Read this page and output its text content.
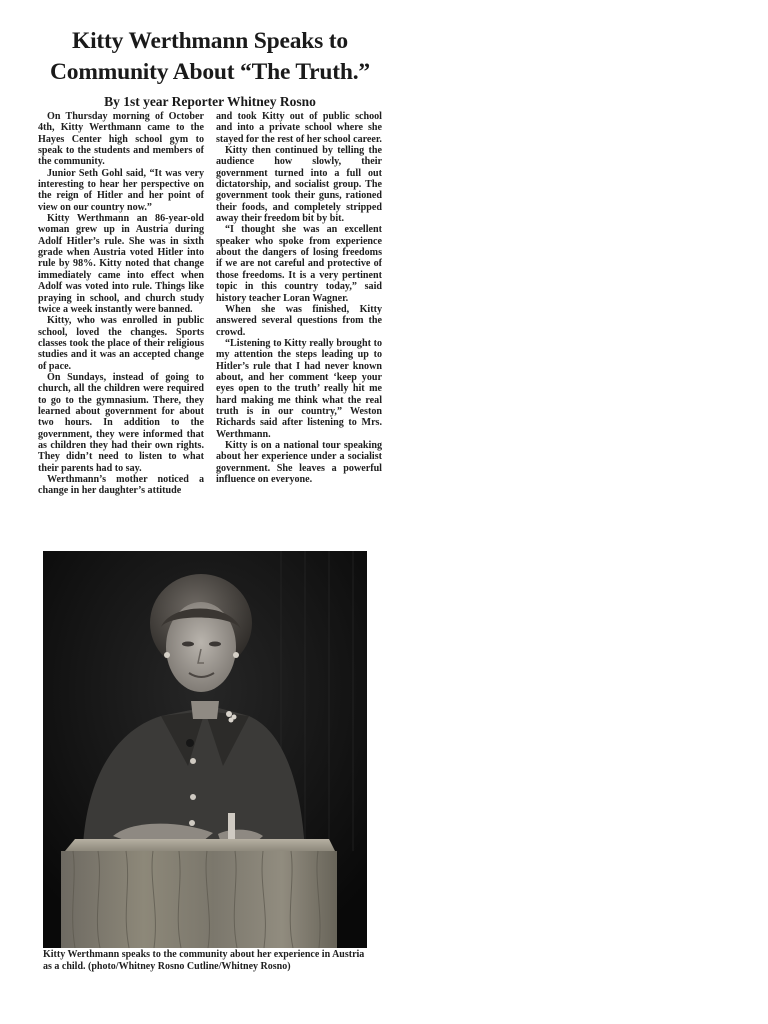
Kitty Werthmann Speaks to
Community About “The Truth.”
By 1st year Reporter Whitney Rosno

On Thursday morning of October 4th, Kitty Werthmann came to the Hayes Center high school gym to speak to the students and members of the community.

Junior Seth Gohl said, “It was very interesting to hear her perspective on the reign of Hitler and her point of view on our country now.”

Kitty Werthmann an 86-year-old woman grew up in Austria during Adolf Hitler’s rule. She was in sixth grade when Austria voted Hitler into rule by 98%. Kitty noted that change immediately came into effect when Adolf was voted into rule. Things like praying in school, and church study twice a week instantly were banned.

Kitty, who was enrolled in public school, loved the changes. Sports classes took the place of their religious studies and it was an accepted change of pace.

On Sundays, instead of going to church, all the children were required to go to the gymnasium. There, they learned about government for about two hours. In addition to the government, they were informed that as children they had their own rights. They didn’t need to listen to what their parents had to say.

Werthmann’s mother noticed a change in her daughter’s attitude

and took Kitty out of public school and into a private school where she stayed for the rest of her school career.

Kitty then continued by telling the audience how slowly, their government turned into a full out dictatorship, and socialist group. The government took their guns, rationed their foods, and completely stripped away their freedom bit by bit.

“I thought she was an excellent speaker who spoke from experience about the dangers of losing freedoms if we are not careful and protective of those freedoms. It is a very pertinent topic in this country today,” said history teacher Loran Wagner.

When she was finished, Kitty answered several questions from the crowd.

“Listening to Kitty really brought to my attention the steps leading up to Hitler’s rule that I had never known about, and her comment ‘keep your eyes open to the truth’ really hit me hard making me think what the real truth is in our country,” Weston Richards said after listening to Mrs. Werthmann.

Kitty is on a national tour speaking about her experience under a socialist government. She leaves a powerful influence on everyone.

Kitty Werthmann speaks to the community about her experience in Austria as a child. (photo/Whitney Rosno Cutline/Whitney Rosno)
